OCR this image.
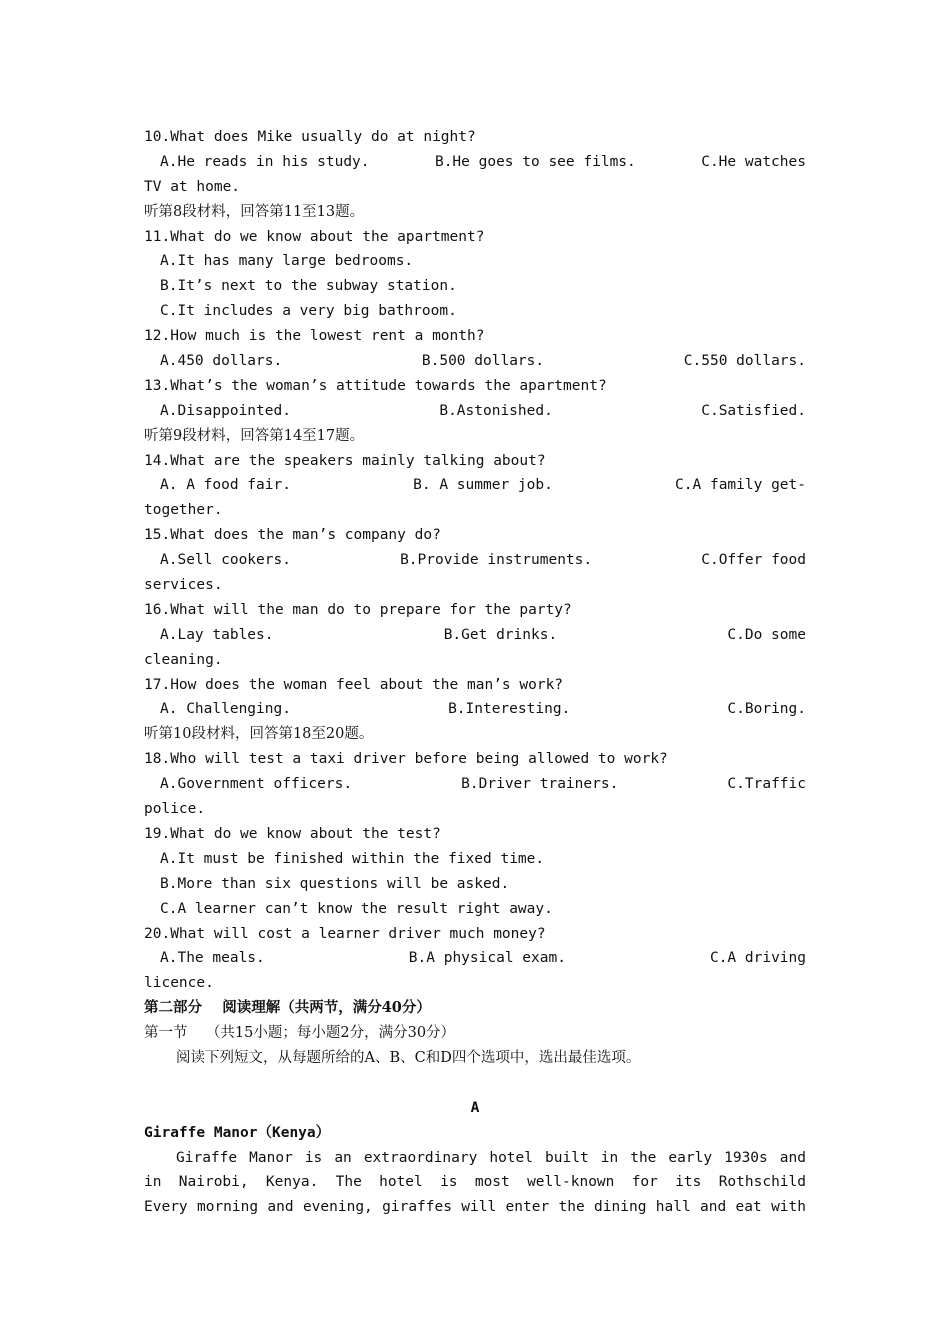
10.What does Mike usually do at night?
A.He reads in his study.	B.He goes to see films.	C.He watches
TV at home.
听第8段材料，回答第11至13题。
11.What do we know about the apartment?
A.It has many large bedrooms.
B.It’s next to the subway station.
C.It includes a very big bathroom.
12.How much is the lowest rent a month?
A.450 dollars.	B.500 dollars.	C.550 dollars.
13.What’s the woman’s attitude towards the apartment?
A.Disappointed.	B.Astonished.	C.Satisfied.
听第9段材料，回答第14至17题。
14.What are the speakers mainly talking about?
A. A food fair.	B. A summer job.	C.A family get-
together.
15.What does the man’s company do?
A.Sell cookers.	B.Provide instruments.	C.Offer food
services.
16.What will the man do to prepare for the party?
A.Lay tables.	B.Get drinks.	C.Do some
cleaning.
17.How does the woman feel about the man’s work?
A. Challenging.	B.Interesting.	C.Boring.
听第10段材料，回答第18至20题。
18.Who will test a taxi driver before being allowed to work?
A.Government officers.	B.Driver trainers.	C.Traffic
police.
19.What do we know about the test?
A.It must be finished within the fixed time.
B.More than six questions will be asked.
C.A learner can’t know the result right away.
20.What will cost a learner driver much money?
A.The meals.	B.A physical exam.	C.A driving
licence.
第二部分    阅读理解（共两节，满分40分）
第一节    （共15小题；每小题2分，满分30分）
阅读下列短文，从每题所给的A、B、C和D四个选项中，选出最佳选项。
A
Giraffe Manor（Kenya）
Giraffe Manor is an extraordinary hotel built in the early 1930s and
in Nairobi, Kenya. The hotel is most well-known for its Rothschild
Every morning and evening, giraffes will enter the dining hall and eat with
